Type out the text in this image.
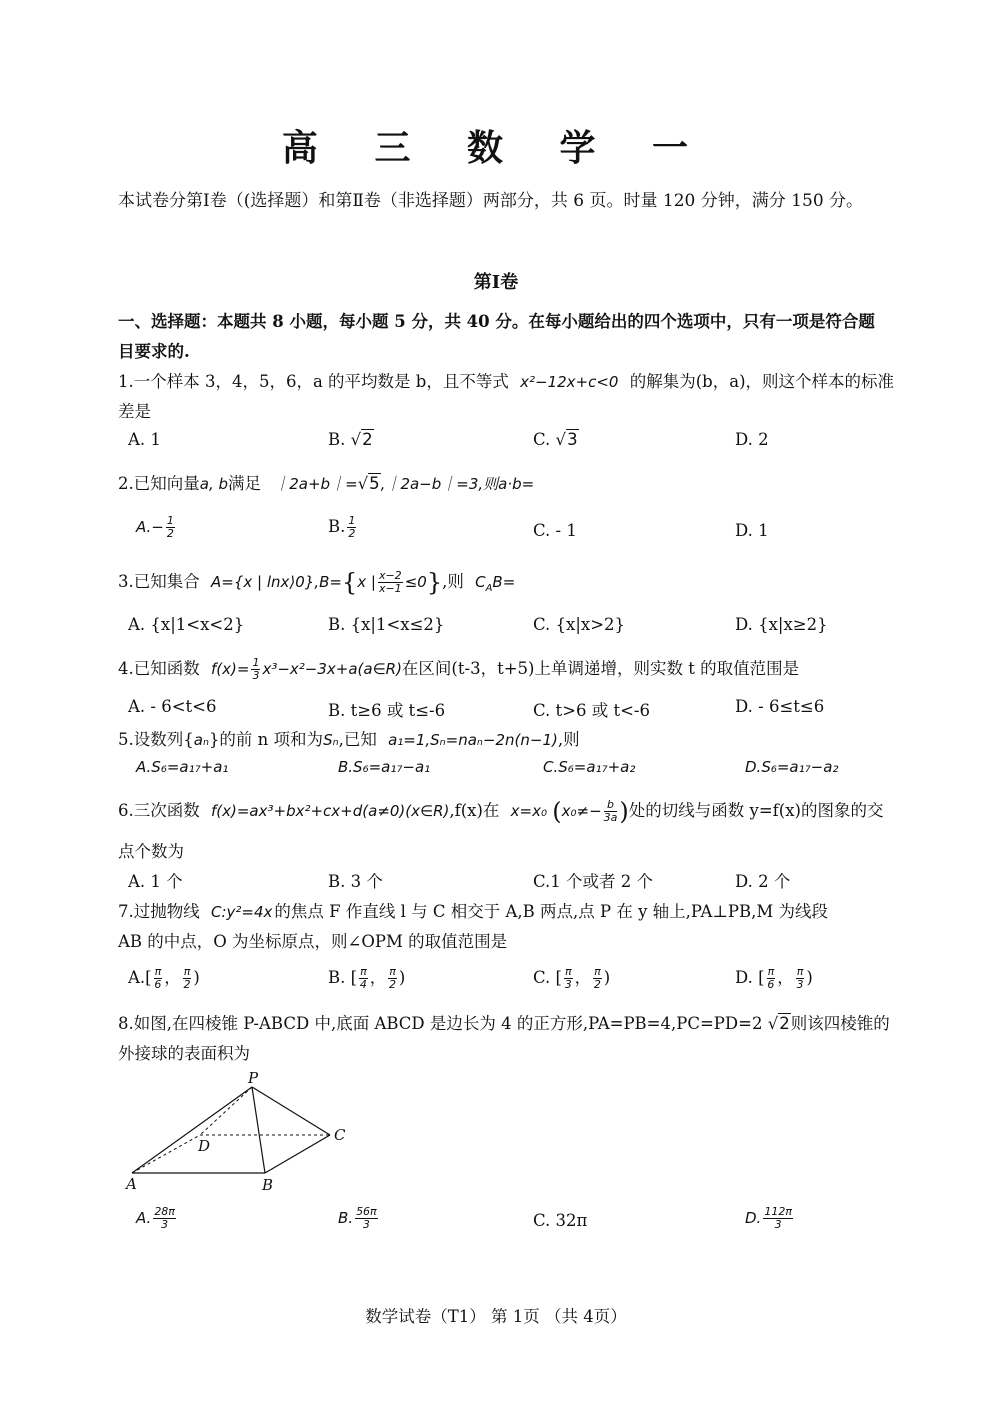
高 三 数 学 一
本试卷分第Ⅰ卷（(选择题）和第Ⅱ卷（非选择题）两部分，共 6 页。时量 120 分钟，满分 150 分。
第Ⅰ卷
一、选择题：本题共 8 小题，每小题 5 分，共 40 分。在每小题给出的四个选项中，只有一项是符合题
目要求的.
1.一个样本 3，4，5，6，a 的平均数是 b，且不等式 x²−12x+c<0 的解集为(b，a)，则这个样本的标准
差是
A. 1	B. √2	C. √3	D. 2
2.已知向量a, b满足 ｜2a+b｜=√5,｜2a−b｜=3,则a·b=
$A.- \frac{1}{2}$	B. $\frac{1}{2}$	C. - 1	D. 1
3.已知集合 A={x | lnx⟩0},B={x | $\frac{x-2}{x-1} \le 0$},则 $C_AB=$
A. {x|1<x<2}	B. {x|1<x≤2}	C. {x|x>2}	D. {x|x≥2}
4.已知函数 $f(x)= \frac{1}{3}$ x³−x²−3x+a(a∈R)在区间(t-3，t+5)上单调递增，则实数 t 的取值范围是
A. - 6<t<6	B. t≥6 或 t≤-6	C. t>6 或 t<-6	D. - 6≤t≤6
5.设数列{aₙ}的前 n 项和为Sₙ,已知 a₁=1,Sₙ=naₙ−2n(n−1),则
A.S₆=a₁₇+a₁	B.S₆=a₁₇−a₁	C.S₆=a₁₇+a₂	D.S₆=a₁₇−a₂
6.三次函数 f(x)=ax³+bx²+cx+d(a≠0)(x∈R),f(x)在 x=x₀ ($x_0\ne- \frac{b}{3a}$ )处的切线与函数 y=f(x)的图象的交
点个数为
A. 1 个	B. 3 个	C.1 个或者 2 个	D. 2 个
7.过抛物线 C:y²=4x 的焦点 F 作直线 l 与 C 相交于 A,B 两点,点 P 在 y 轴上,PA⊥PB,M 为线段
AB 的中点，O 为坐标原点，则∠OPM 的取值范围是
$A.[ \frac{\pi}{6}$ ， $\frac{\pi}{2}$ )	B. [ $\frac{\pi}{4}$ ， $\frac{\pi}{2}$ )	C. [ $\frac{\pi}{3}$ ， $\frac{\pi}{2}$ )	D. [ $\frac{\pi}{6}$ ， $\frac{\pi}{3}$ )
8.如图,在四棱锥 P-ABCD 中,底面 ABCD 是边长为 4 的正方形,PA=PB=4,PC=PD=2 √2则该四棱锥的
外接球的表面积为
P
D
C
A	B
A. $\frac{28\pi}{3}$	B. $\frac{56\pi}{3}$	C. 32π	D. $\frac{112\pi}{3}$
数学试卷（T1） 第 1页 （共 4页）
